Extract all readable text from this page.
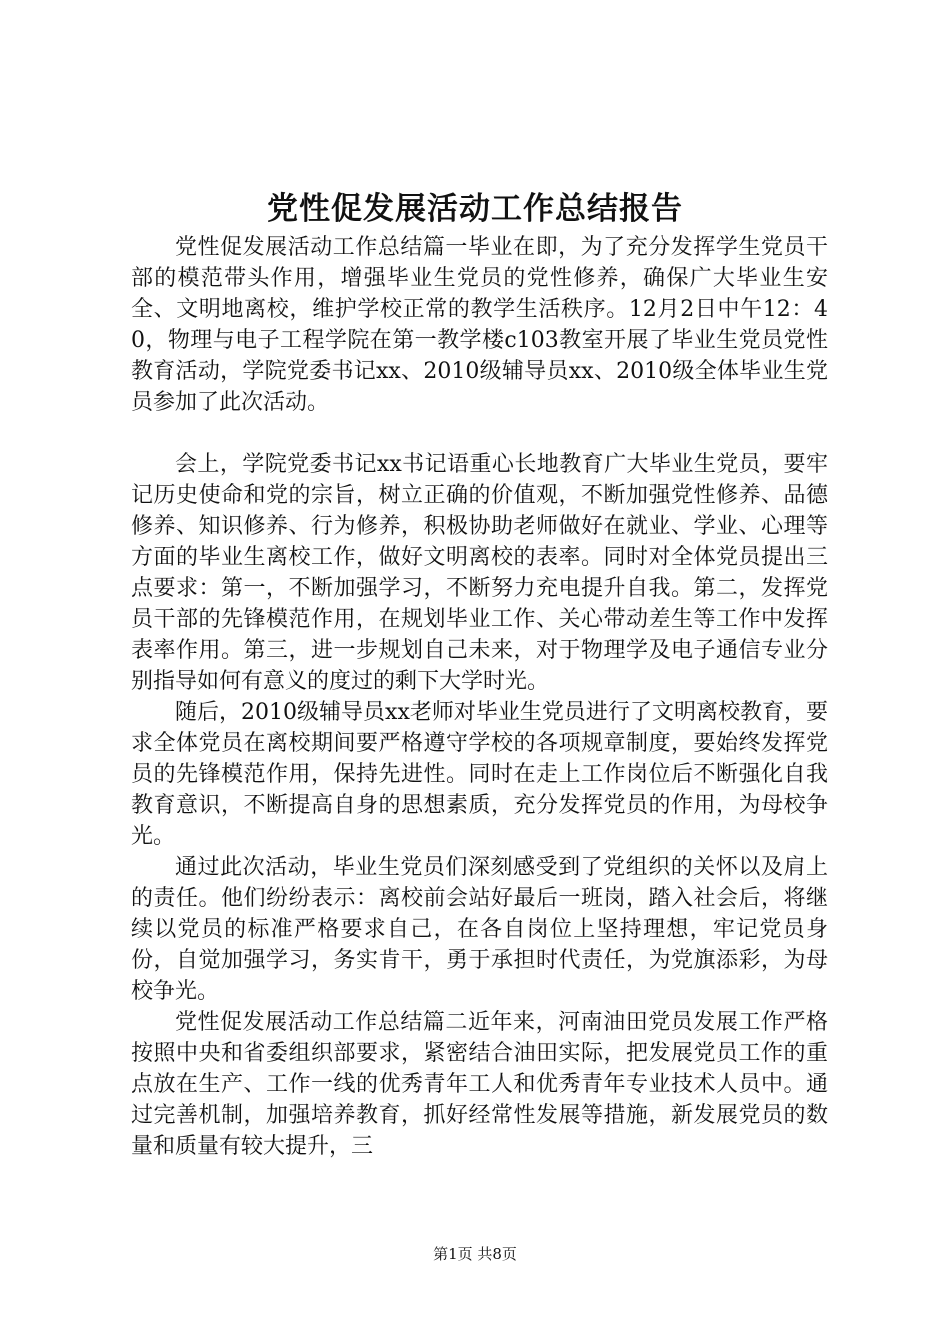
党性促发展活动工作总结报告

党性促发展活动工作总结篇一毕业在即，为了充分发挥学生党员干部的模范带头作用，增强毕业生党员的党性修养，确保广大毕业生安全、文明地离校，维护学校正常的教学生活秩序。12月2日中午12：40，物理与电子工程学院在第一教学楼c103教室开展了毕业生党员党性教育活动，学院党委书记xx、2010级辅导员xx、2010级全体毕业生党员参加了此次活动。

会上，学院党委书记xx书记语重心长地教育广大毕业生党员，要牢记历史使命和党的宗旨，树立正确的价值观，不断加强党性修养、品德修养、知识修养、行为修养，积极协助老师做好在就业、学业、心理等方面的毕业生离校工作，做好文明离校的表率。同时对全体党员提出三点要求：第一，不断加强学习，不断努力充电提升自我。第二，发挥党员干部的先锋模范作用，在规划毕业工作、关心带动差生等工作中发挥表率作用。第三，进一步规划自己未来，对于物理学及电子通信专业分别指导如何有意义的度过的剩下大学时光。

随后，2010级辅导员xx老师对毕业生党员进行了文明离校教育，要求全体党员在离校期间要严格遵守学校的各项规章制度，要始终发挥党员的先锋模范作用，保持先进性。同时在走上工作岗位后不断强化自我教育意识，不断提高自身的思想素质，充分发挥党员的作用，为母校争光。

通过此次活动，毕业生党员们深刻感受到了党组织的关怀以及肩上的责任。他们纷纷表示：离校前会站好最后一班岗，踏入社会后，将继续以党员的标准严格要求自己，在各自岗位上坚持理想，牢记党员身份，自觉加强学习，务实肯干，勇于承担时代责任，为党旗添彩，为母校争光。

党性促发展活动工作总结篇二近年来，河南油田党员发展工作严格按照中央和省委组织部要求，紧密结合油田实际，把发展党员工作的重点放在生产、工作一线的优秀青年工人和优秀青年专业技术人员中。通过完善机制，加强培养教育，抓好经常性发展等措施，新发展党员的数量和质量有较大提升，三

第1页 共8页
